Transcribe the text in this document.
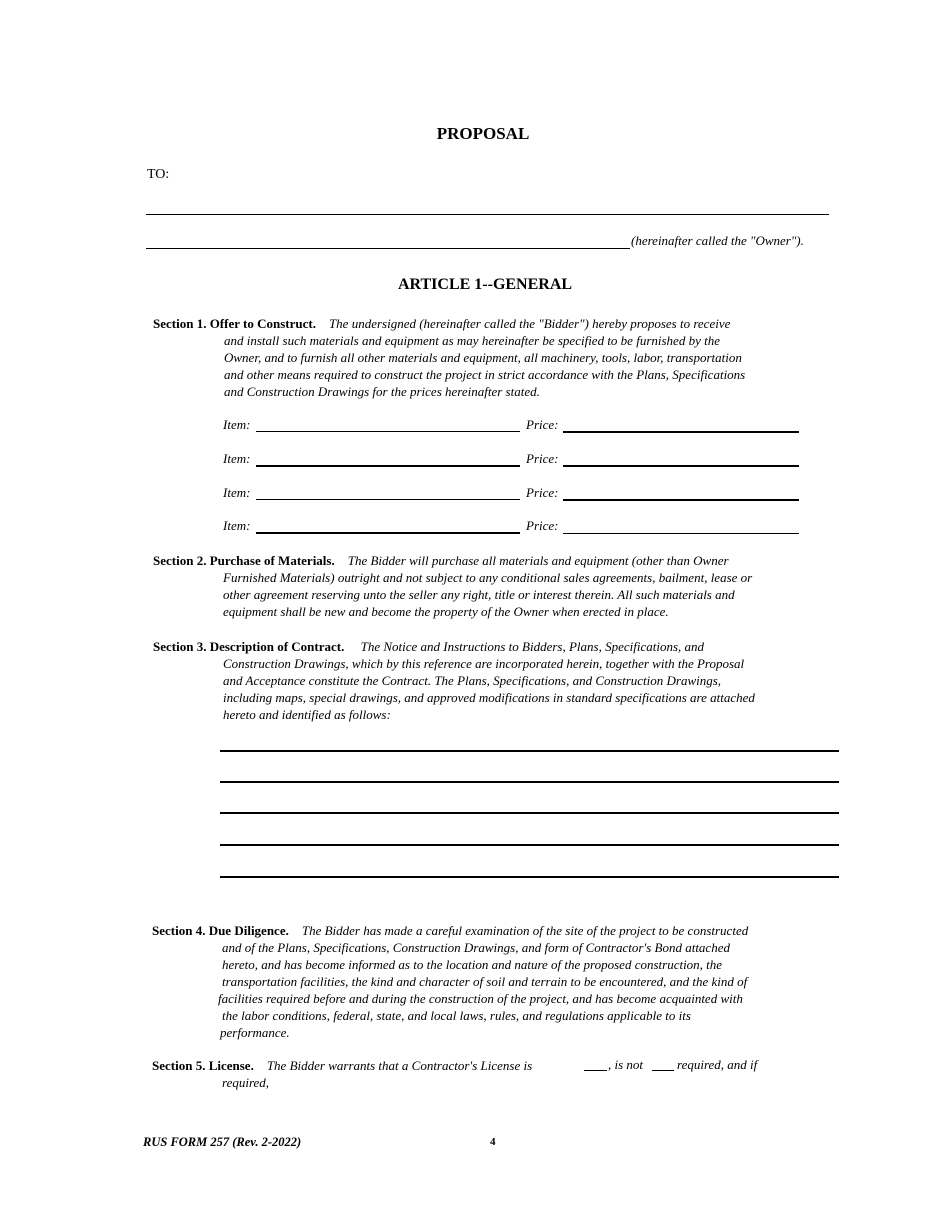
PROPOSAL
TO:
(hereinafter called the "Owner").
ARTICLE 1--GENERAL
Section 1. Offer to Construct. The undersigned (hereinafter called the "Bidder") hereby proposes to receive
and install such materials and equipment as may hereinafter be specified to be furnished by the
Owner, and to furnish all other materials and equipment, all machinery, tools, labor, transportation
and other means required to construct the project in strict accordance with the Plans, Specifications
and Construction Drawings for the prices hereinafter stated.
Item:	Price:
Item:	Price:
Item:	Price:
Item:	Price:
Section 2. Purchase of Materials. The Bidder will purchase all materials and equipment (other than Owner
Furnished Materials) outright and not subject to any conditional sales agreements, bailment, lease or
other agreement reserving unto the seller any right, title or interest therein. All such materials and
equipment shall be new and become the property of the Owner when erected in place.
Section 3. Description of Contract. The Notice and Instructions to Bidders, Plans, Specifications, and
Construction Drawings, which by this reference are incorporated herein, together with the Proposal
and Acceptance constitute the Contract. The Plans, Specifications, and Construction Drawings,
including maps, special drawings, and approved modifications in standard specifications are attached
hereto and identified as follows:
Section 4. Due Diligence. The Bidder has made a careful examination of the site of the project to be constructed
and of the Plans, Specifications, Construction Drawings, and form of Contractor's Bond attached
hereto, and has become informed as to the location and nature of the proposed construction, the
transportation facilities, the kind and character of soil and terrain to be encountered, and the kind of
facilities required before and during the construction of the project, and has become acquainted with
the labor conditions, federal, state, and local laws, rules, and regulations applicable to its
performance.
Section 5. License. The Bidder warrants that a Contractor's License is
required,
, is not	required, and if
RUS FORM 257 (Rev. 2-2022)	4
